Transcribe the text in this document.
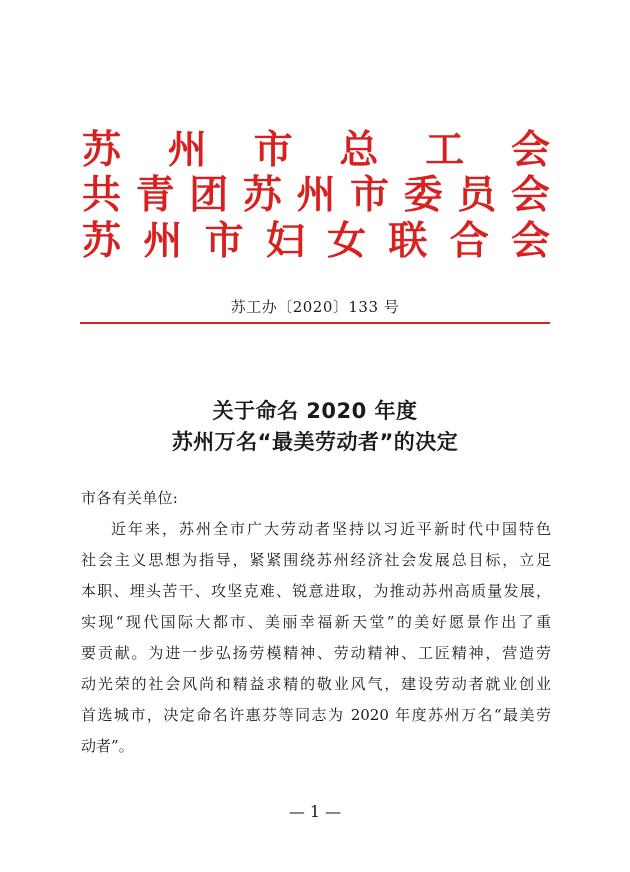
苏 州 市 总 工 会
共 青 团 苏 州 市 委 员 会
苏 州 市 妇 女 联 合 会
苏工办〔2020〕133 号
关于命名 2020 年度
苏州万名“最美劳动者”的决定
市各有关单位:
近年来，苏州全市广大劳动者坚持以习近平新时代中国特色
社会主义思想为指导，紧紧围绕苏州经济社会发展总目标，立足
本职、埋头苦干、攻坚克难、锐意进取，为推动苏州高质量发展，
实现“现代国际大都市、美丽幸福新天堂”的美好愿景作出了重
要贡献。为进一步弘扬劳模精神、劳动精神、工匠精神，营造劳
动光荣的社会风尚和精益求精的敬业风气，建设劳动者就业创业
首选城市，决定命名许惠芬等同志为 2020 年度苏州万名“最美劳
动者”。
— 1 —
